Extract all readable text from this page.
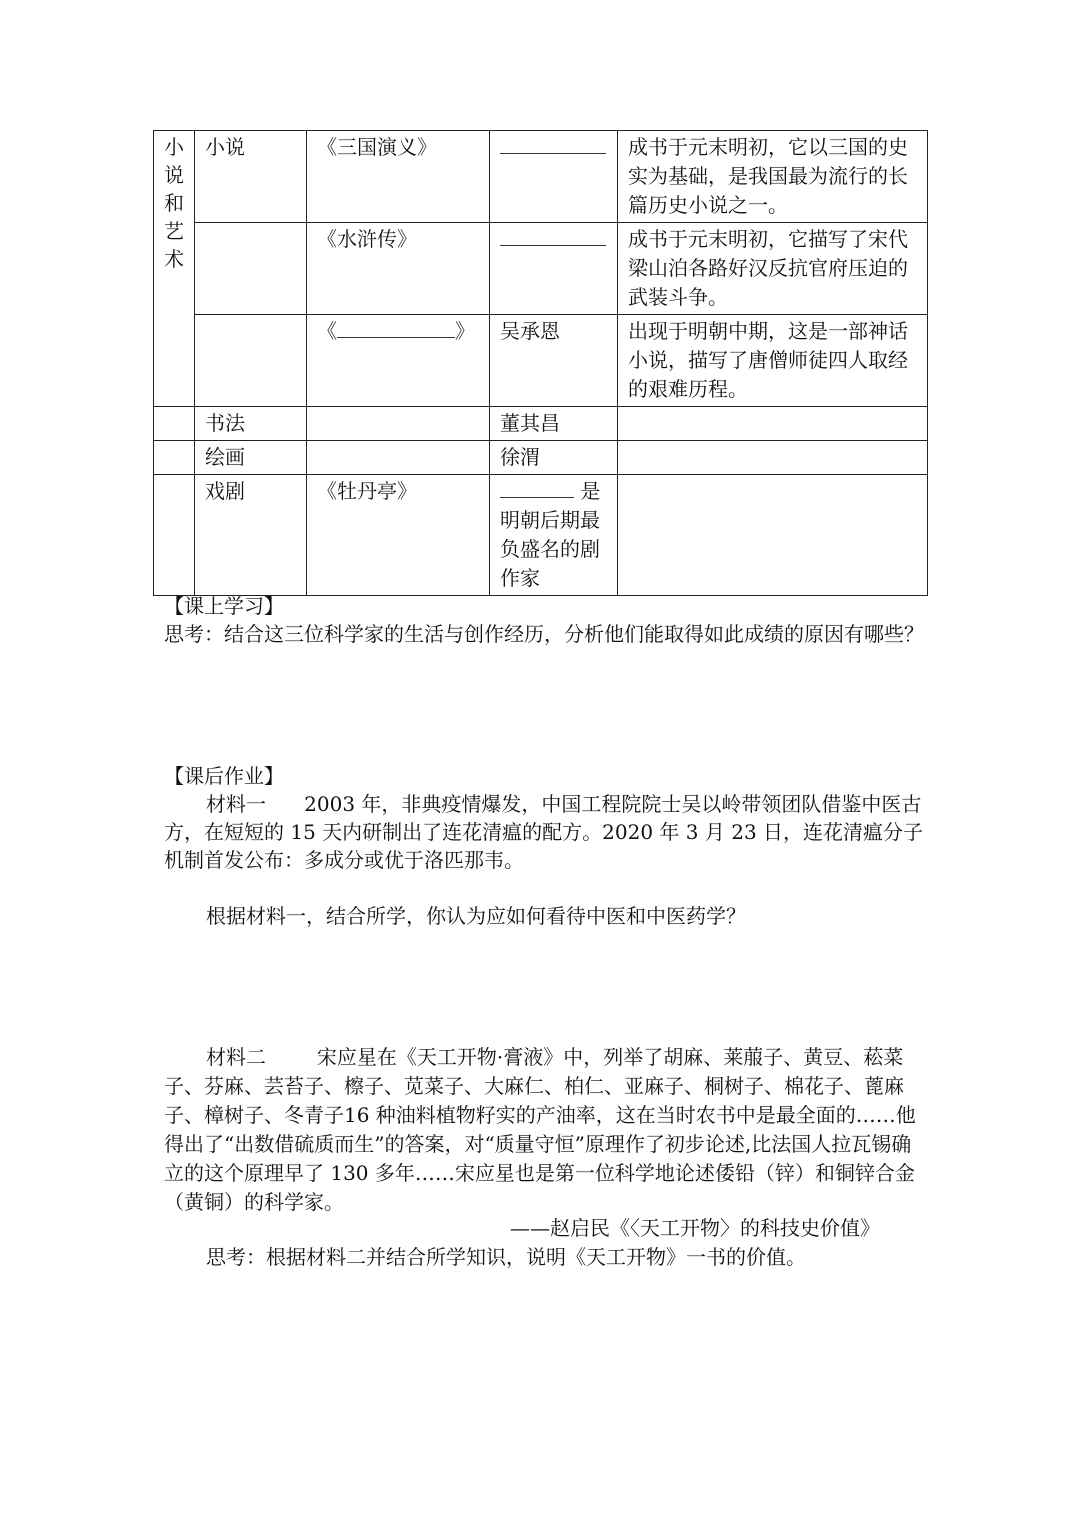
小
说
和
艺
术	小说	《三国演义》		成书于元末明初，它以三国的史实为基础，是我国最为流行的长篇历史小说之一。
		《水浒传》		成书于元末明初，它描写了宋代梁山泊各路好汉反抗官府压迫的武装斗争。
		《 》	吴承恩	出现于明朝中期，这是一部神话小说，描写了唐僧师徒四人取经的艰难历程。
	书法		董其昌	
	绘画		徐渭	
	戏剧	《牡丹亭》	是明朝后期最负盛名的剧作家	

【课上学习】

思考：结合这三位科学家的生活与创作经历，分析他们能取得如此成绩的原因有哪些？

【课后作业】

材料一 2003 年，非典疫情爆发，中国工程院院士吴以岭带领团队借鉴中医古方，在短短的 15 天内研制出了连花清瘟的配方。2020 年 3 月 23 日，连花清瘟分子机制首发公布：多成分或优于洛匹那韦。

根据材料一，结合所学，你认为应如何看待中医和中医药学？

材料二	宋应星在《天工开物·膏液》中，列举了胡麻、莱菔子、黄豆、菘菜子、芬麻、芸苔子、檫子、苋菜子、大麻仁、柏仁、亚麻子、桐树子、棉花子、蓖麻子、樟树子、冬青子16 种油料植物籽实的产油率，这在当时农书中是最全面的……他得出了“出数借硫质而生”的答案，对“质量守恒”原理作了初步论述,比法国人拉瓦锡确立的这个原理早了 130 多年……宋应星也是第一位科学地论述倭铅（锌）和铜锌合金（黄铜）的科学家。

——赵启民《〈天工开物〉的科技史价值》

思考：根据材料二并结合所学知识，说明《天工开物》一书的价值。
